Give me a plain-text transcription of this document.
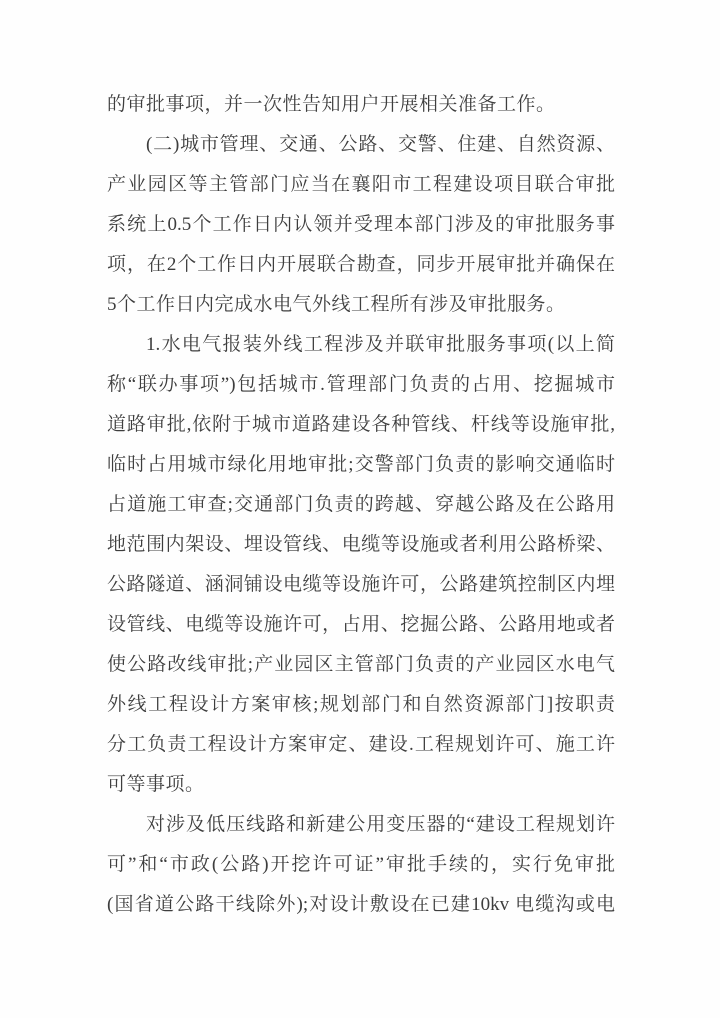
的审批事项，并一次性告知用户开展相关准备工作。
(二)城市管理、交通、公路、交警、住建、自然资源、
产业园区等主管部门应当在襄阳市工程建设项目联合审批
系统上0.5个工作日内认领并受理本部门涉及的审批服务事
项，在2个工作日内开展联合勘查，同步开展审批并确保在
5个工作日内完成水电气外线工程所有涉及审批服务。
1.水电气报装外线工程涉及并联审批服务事项(以上简
称“联办事项”)包括城市.管理部门负责的占用、挖掘城市
道路审批,依附于城市道路建设各种管线、杆线等设施审批,
临时占用城市绿化用地审批;交警部门负责的影响交通临时
占道施工审查;交通部门负责的跨越、穿越公路及在公路用
地范围内架设、埋设管线、电缆等设施或者利用公路桥梁、
公路隧道、涵洞铺设电缆等设施许可，公路建筑控制区内埋
设管线、电缆等设施许可，占用、挖掘公路、公路用地或者
使公路改线审批;产业园区主管部门负责的产业园区水电气
外线工程设计方案审核;规划部门和自然资源部门]按职责
分工负责工程设计方案审定、建设.工程规划许可、施工许
可等事项。
对涉及低压线路和新建公用变压器的“建设工程规划许
可”和“市政(公路)开挖许可证”审批手续的，实行免审批
(国省道公路干线除外);对设计敷设在已建10kv 电缆沟或电
